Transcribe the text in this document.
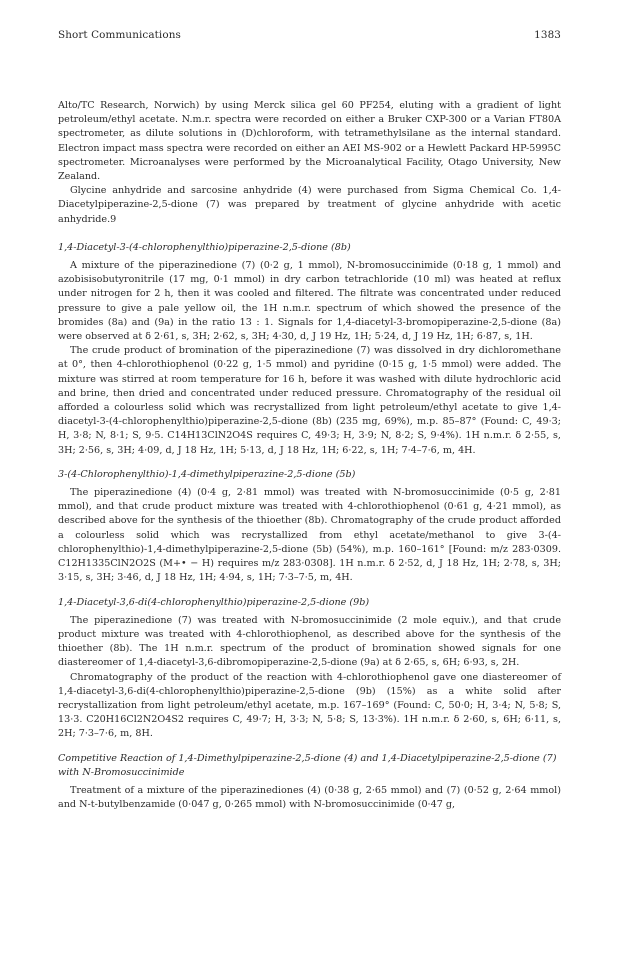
Short Communications	1383

Alto/TC Research, Norwich) by using Merck silica gel 60 PF254, eluting with a gradient of light petroleum/ethyl acetate. N.m.r. spectra were recorded on either a Bruker CXP-300 or a Varian FT80A spectrometer, as dilute solutions in (D)chloroform, with tetramethylsilane as the internal standard. Electron impact mass spectra were recorded on either an AEI MS-902 or a Hewlett Packard HP-5995C spectrometer. Microanalyses were performed by the Microanalytical Facility, Otago University, New Zealand.

Glycine anhydride and sarcosine anhydride (4) were purchased from Sigma Chemical Co. 1,4-Diacetylpiperazine-2,5-dione (7) was prepared by treatment of glycine anhydride with acetic anhydride.9

1,4-Diacetyl-3-(4-chlorophenylthio)piperazine-2,5-dione (8b)

A mixture of the piperazinedione (7) (0·2 g, 1 mmol), N-bromosuccinimide (0·18 g, 1 mmol) and azobisisobutyronitrile (17 mg, 0·1 mmol) in dry carbon tetrachloride (10 ml) was heated at reflux under nitrogen for 2 h, then it was cooled and filtered. The filtrate was concentrated under reduced pressure to give a pale yellow oil, the 1H n.m.r. spectrum of which showed the presence of the bromides (8a) and (9a) in the ratio 13 : 1. Signals for 1,4-diacetyl-3-bromopiperazine-2,5-dione (8a) were observed at δ 2·61, s, 3H; 2·62, s, 3H; 4·30, d, J 19 Hz, 1H; 5·24, d, J 19 Hz, 1H; 6·87, s, 1H.

The crude product of bromination of the piperazinedione (7) was dissolved in dry dichloromethane at 0°, then 4-chlorothiophenol (0·22 g, 1·5 mmol) and pyridine (0·15 g, 1·5 mmol) were added. The mixture was stirred at room temperature for 16 h, before it was washed with dilute hydrochloric acid and brine, then dried and concentrated under reduced pressure. Chromatography of the residual oil afforded a colourless solid which was recrystallized from light petroleum/ethyl acetate to give 1,4-diacetyl-3-(4-chlorophenylthio)piperazine-2,5-dione (8b) (235 mg, 69%), m.p. 85–87° (Found: C, 49·3; H, 3·8; N, 8·1; S, 9·5. C14H13ClN2O4S requires C, 49·3; H, 3·9; N, 8·2; S, 9·4%). 1H n.m.r. δ 2·55, s, 3H; 2·56, s, 3H; 4·09, d, J 18 Hz, 1H; 5·13, d, J 18 Hz, 1H; 6·22, s, 1H; 7·4–7·6, m, 4H.

3-(4-Chlorophenylthio)-1,4-dimethylpiperazine-2,5-dione (5b)

The piperazinedione (4) (0·4 g, 2·81 mmol) was treated with N-bromosuccinimide (0·5 g, 2·81 mmol), and that crude product mixture was treated with 4-chlorothiophenol (0·61 g, 4·21 mmol), as described above for the synthesis of the thioether (8b). Chromatography of the crude product afforded a colourless solid which was recrystallized from ethyl acetate/methanol to give 3-(4-chlorophenylthio)-1,4-dimethylpiperazine-2,5-dione (5b) (54%), m.p. 160–161° [Found: m/z 283·0309. C12H1335ClN2O2S (M+• − H) requires m/z 283·0308]. 1H n.m.r. δ 2·52, d, J 18 Hz, 1H; 2·78, s, 3H; 3·15, s, 3H; 3·46, d, J 18 Hz, 1H; 4·94, s, 1H; 7·3–7·5, m, 4H.

1,4-Diacetyl-3,6-di(4-chlorophenylthio)piperazine-2,5-dione (9b)

The piperazinedione (7) was treated with N-bromosuccinimide (2 mole equiv.), and that crude product mixture was treated with 4-chlorothiophenol, as described above for the synthesis of the thioether (8b). The 1H n.m.r. spectrum of the product of bromination showed signals for one diastereomer of 1,4-diacetyl-3,6-dibromopiperazine-2,5-dione (9a) at δ 2·65, s, 6H; 6·93, s, 2H.

Chromatography of the product of the reaction with 4-chlorothiophenol gave one diastereomer of 1,4-diacetyl-3,6-di(4-chlorophenylthio)piperazine-2,5-dione (9b) (15%) as a white solid after recrystallization from light petroleum/ethyl acetate, m.p. 167–169° (Found: C, 50·0; H, 3·4; N, 5·8; S, 13·3. C20H16Cl2N2O4S2 requires C, 49·7; H, 3·3; N, 5·8; S, 13·3%). 1H n.m.r. δ 2·60, s, 6H; 6·11, s, 2H; 7·3–7·6, m, 8H.

Competitive Reaction of 1,4-Dimethylpiperazine-2,5-dione (4) and 1,4-Diacetylpiperazine-2,5-dione (7) with N-Bromosuccinimide

Treatment of a mixture of the piperazinediones (4) (0·38 g, 2·65 mmol) and (7) (0·52 g, 2·64 mmol) and N-t-butylbenzamide (0·047 g, 0·265 mmol) with N-bromosuccinimide (0·47 g,
